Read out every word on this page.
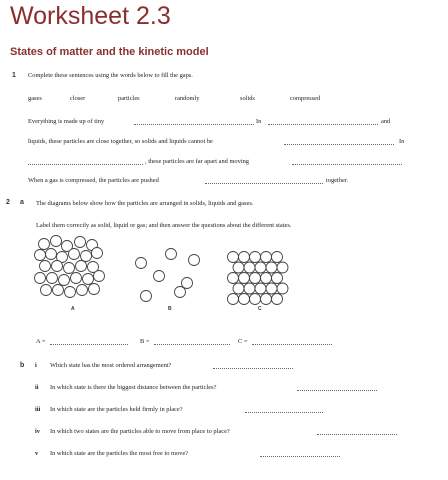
Worksheet 2.3
States of matter and the kinetic model
1 Complete these sentences using the words below to fill the gaps.
gases	closer	particles	randomly	solids	compressed
Everything is made up of tiny	In	and
liquids, these particles are close together, so solids and liquids cannot be	In
, these particles are far apart and moving
When a gas is compressed, the particles are pushed	together.
2 a The diagrams below show how the particles are arranged in solids, liquids and gases.
Label them correctly as solid, liquid or gas; and then answer the questions about the different states.
A	B	C
A =	B =	C =
b i Which state has the most ordered arrangement?
ii In which state is there the biggest distance between the particles?
iii In which state are the particles held firmly in place?
iv In which two states are the particles able to move from place to place?
v In which state are the particles the most free to move?
